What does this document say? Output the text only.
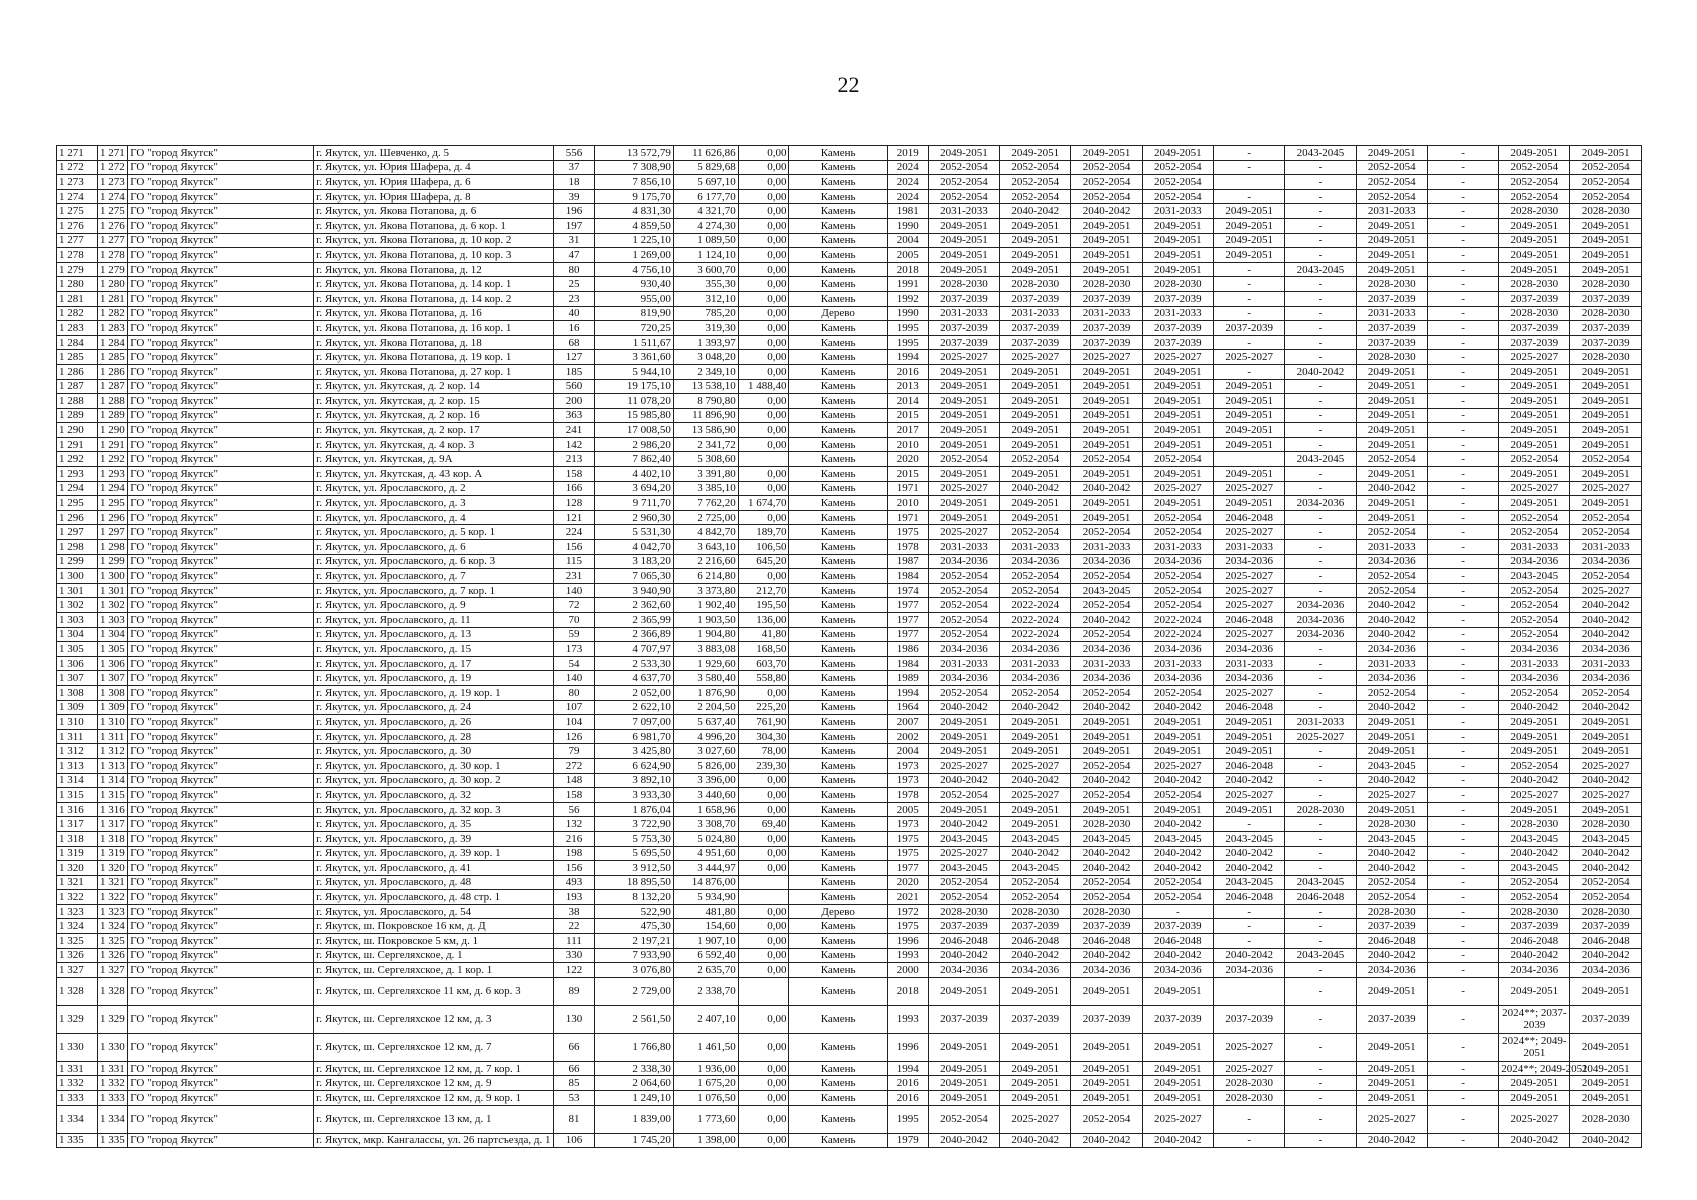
22
1 271	1 271	ГО "город Якутск"	г. Якутск, ул. Шевченко, д. 5	556	13 572,79	11 626,86	0,00	Камень	2019	2049-2051	2049-2051	2049-2051	2049-2051	-	2043-2045	2049-2051	-	2049-2051	2049-2051
1 272	1 272	ГО "город Якутск"	г. Якутск, ул. Юрия Шафера, д. 4	37	7 308,90	5 829,68	0,00	Камень	2024	2052-2054	2052-2054	2052-2054	2052-2054	-	-	2052-2054	-	2052-2054	2052-2054
1 273	1 273	ГО "город Якутск"	г. Якутск, ул. Юрия Шафера, д. 6	18	7 856,10	5 697,10	0,00	Камень	2024	2052-2054	2052-2054	2052-2054	2052-2054		-	2052-2054	-	2052-2054	2052-2054
1 274	1 274	ГО "город Якутск"	г. Якутск, ул. Юрия Шафера, д. 8	39	9 175,70	6 177,70	0,00	Камень	2024	2052-2054	2052-2054	2052-2054	2052-2054	-	-	2052-2054	-	2052-2054	2052-2054
1 275	1 275	ГО "город Якутск"	г. Якутск, ул. Якова Потапова, д. 6	196	4 831,30	4 321,70	0,00	Камень	1981	2031-2033	2040-2042	2040-2042	2031-2033	2049-2051	-	2031-2033	-	2028-2030	2028-2030
1 276	1 276	ГО "город Якутск"	г. Якутск, ул. Якова Потапова, д. 6 кор. 1	197	4 859,50	4 274,30	0,00	Камень	1990	2049-2051	2049-2051	2049-2051	2049-2051	2049-2051	-	2049-2051	-	2049-2051	2049-2051
1 277	1 277	ГО "город Якутск"	г. Якутск, ул. Якова Потапова, д. 10 кор. 2	31	1 225,10	1 089,50	0,00	Камень	2004	2049-2051	2049-2051	2049-2051	2049-2051	2049-2051	-	2049-2051	-	2049-2051	2049-2051
1 278	1 278	ГО "город Якутск"	г. Якутск, ул. Якова Потапова, д. 10 кор. 3	47	1 269,00	1 124,10	0,00	Камень	2005	2049-2051	2049-2051	2049-2051	2049-2051	2049-2051	-	2049-2051	-	2049-2051	2049-2051
1 279	1 279	ГО "город Якутск"	г. Якутск, ул. Якова Потапова, д. 12	80	4 756,10	3 600,70	0,00	Камень	2018	2049-2051	2049-2051	2049-2051	2049-2051	-	2043-2045	2049-2051	-	2049-2051	2049-2051
1 280	1 280	ГО "город Якутск"	г. Якутск, ул. Якова Потапова, д. 14 кор. 1	25	930,40	355,30	0,00	Камень	1991	2028-2030	2028-2030	2028-2030	2028-2030	-	-	2028-2030	-	2028-2030	2028-2030
1 281	1 281	ГО "город Якутск"	г. Якутск, ул. Якова Потапова, д. 14 кор. 2	23	955,00	312,10	0,00	Камень	1992	2037-2039	2037-2039	2037-2039	2037-2039	-	-	2037-2039	-	2037-2039	2037-2039
1 282	1 282	ГО "город Якутск"	г. Якутск, ул. Якова Потапова, д. 16	40	819,90	785,20	0,00	Дерево	1990	2031-2033	2031-2033	2031-2033	2031-2033	-	-	2031-2033	-	2028-2030	2028-2030
1 283	1 283	ГО "город Якутск"	г. Якутск, ул. Якова Потапова, д. 16 кор. 1	16	720,25	319,30	0,00	Камень	1995	2037-2039	2037-2039	2037-2039	2037-2039	2037-2039	-	2037-2039	-	2037-2039	2037-2039
1 284	1 284	ГО "город Якутск"	г. Якутск, ул. Якова Потапова, д. 18	68	1 511,67	1 393,97	0,00	Камень	1995	2037-2039	2037-2039	2037-2039	2037-2039	-	-	2037-2039	-	2037-2039	2037-2039
1 285	1 285	ГО "город Якутск"	г. Якутск, ул. Якова Потапова, д. 19 кор. 1	127	3 361,60	3 048,20	0,00	Камень	1994	2025-2027	2025-2027	2025-2027	2025-2027	2025-2027	-	2028-2030	-	2025-2027	2028-2030
1 286	1 286	ГО "город Якутск"	г. Якутск, ул. Якова Потапова, д. 27 кор. 1	185	5 944,10	2 349,10	0,00	Камень	2016	2049-2051	2049-2051	2049-2051	2049-2051	-	2040-2042	2049-2051	-	2049-2051	2049-2051
1 287	1 287	ГО "город Якутск"	г. Якутск, ул. Якутская, д. 2 кор. 14	560	19 175,10	13 538,10	1 488,40	Камень	2013	2049-2051	2049-2051	2049-2051	2049-2051	2049-2051	-	2049-2051	-	2049-2051	2049-2051
1 288	1 288	ГО "город Якутск"	г. Якутск, ул. Якутская, д. 2 кор. 15	200	11 078,20	8 790,80	0,00	Камень	2014	2049-2051	2049-2051	2049-2051	2049-2051	2049-2051	-	2049-2051	-	2049-2051	2049-2051
1 289	1 289	ГО "город Якутск"	г. Якутск, ул. Якутская, д. 2 кор. 16	363	15 985,80	11 896,90	0,00	Камень	2015	2049-2051	2049-2051	2049-2051	2049-2051	2049-2051	-	2049-2051	-	2049-2051	2049-2051
1 290	1 290	ГО "город Якутск"	г. Якутск, ул. Якутская, д. 2 кор. 17	241	17 008,50	13 586,90	0,00	Камень	2017	2049-2051	2049-2051	2049-2051	2049-2051	2049-2051	-	2049-2051	-	2049-2051	2049-2051
1 291	1 291	ГО "город Якутск"	г. Якутск, ул. Якутская, д. 4 кор. 3	142	2 986,20	2 341,72	0,00	Камень	2010	2049-2051	2049-2051	2049-2051	2049-2051	2049-2051	-	2049-2051	-	2049-2051	2049-2051
1 292	1 292	ГО "город Якутск"	г. Якутск, ул. Якутская, д. 9А	213	7 862,40	5 308,60		Камень	2020	2052-2054	2052-2054	2052-2054	2052-2054		2043-2045	2052-2054	-	2052-2054	2052-2054
1 293	1 293	ГО "город Якутск"	г. Якутск, ул. Якутская, д. 43 кор. А	158	4 402,10	3 391,80	0,00	Камень	2015	2049-2051	2049-2051	2049-2051	2049-2051	2049-2051	-	2049-2051	-	2049-2051	2049-2051
1 294	1 294	ГО "город Якутск"	г. Якутск, ул. Ярославского, д. 2	166	3 694,20	3 385,10	0,00	Камень	1971	2025-2027	2040-2042	2040-2042	2025-2027	2025-2027	-	2040-2042	-	2025-2027	2025-2027
1 295	1 295	ГО "город Якутск"	г. Якутск, ул. Ярославского, д. 3	128	9 711,70	7 762,20	1 674,70	Камень	2010	2049-2051	2049-2051	2049-2051	2049-2051	2049-2051	2034-2036	2049-2051	-	2049-2051	2049-2051
1 296	1 296	ГО "город Якутск"	г. Якутск, ул. Ярославского, д. 4	121	2 960,30	2 725,00	0,00	Камень	1971	2049-2051	2049-2051	2049-2051	2052-2054	2046-2048	-	2049-2051	-	2052-2054	2052-2054
1 297	1 297	ГО "город Якутск"	г. Якутск, ул. Ярославского, д. 5 кор. 1	224	5 531,30	4 842,70	189,70	Камень	1975	2025-2027	2052-2054	2052-2054	2052-2054	2025-2027	-	2052-2054	-	2052-2054	2052-2054
1 298	1 298	ГО "город Якутск"	г. Якутск, ул. Ярославского, д. 6	156	4 042,70	3 643,10	106,50	Камень	1978	2031-2033	2031-2033	2031-2033	2031-2033	2031-2033	-	2031-2033	-	2031-2033	2031-2033
1 299	1 299	ГО "город Якутск"	г. Якутск, ул. Ярославского, д. 6 кор. 3	115	3 183,20	2 216,60	645,20	Камень	1987	2034-2036	2034-2036	2034-2036	2034-2036	2034-2036	-	2034-2036	-	2034-2036	2034-2036
1 300	1 300	ГО "город Якутск"	г. Якутск, ул. Ярославского, д. 7	231	7 065,30	6 214,80	0,00	Камень	1984	2052-2054	2052-2054	2052-2054	2052-2054	2025-2027	-	2052-2054	-	2043-2045	2052-2054
1 301	1 301	ГО "город Якутск"	г. Якутск, ул. Ярославского, д. 7 кор. 1	140	3 940,90	3 373,80	212,70	Камень	1974	2052-2054	2052-2054	2043-2045	2052-2054	2025-2027	-	2052-2054	-	2052-2054	2025-2027
1 302	1 302	ГО "город Якутск"	г. Якутск, ул. Ярославского, д. 9	72	2 362,60	1 902,40	195,50	Камень	1977	2052-2054	2022-2024	2052-2054	2052-2054	2025-2027	2034-2036	2040-2042	-	2052-2054	2040-2042
1 303	1 303	ГО "город Якутск"	г. Якутск, ул. Ярославского, д. 11	70	2 365,99	1 903,50	136,00	Камень	1977	2052-2054	2022-2024	2040-2042	2022-2024	2046-2048	2034-2036	2040-2042	-	2052-2054	2040-2042
1 304	1 304	ГО "город Якутск"	г. Якутск, ул. Ярославского, д. 13	59	2 366,89	1 904,80	41,80	Камень	1977	2052-2054	2022-2024	2052-2054	2022-2024	2025-2027	2034-2036	2040-2042	-	2052-2054	2040-2042
1 305	1 305	ГО "город Якутск"	г. Якутск, ул. Ярославского, д. 15	173	4 707,97	3 883,08	168,50	Камень	1986	2034-2036	2034-2036	2034-2036	2034-2036	2034-2036	-	2034-2036	-	2034-2036	2034-2036
1 306	1 306	ГО "город Якутск"	г. Якутск, ул. Ярославского, д. 17	54	2 533,30	1 929,60	603,70	Камень	1984	2031-2033	2031-2033	2031-2033	2031-2033	2031-2033	-	2031-2033	-	2031-2033	2031-2033
1 307	1 307	ГО "город Якутск"	г. Якутск, ул. Ярославского, д. 19	140	4 637,70	3 580,40	558,80	Камень	1989	2034-2036	2034-2036	2034-2036	2034-2036	2034-2036	-	2034-2036	-	2034-2036	2034-2036
1 308	1 308	ГО "город Якутск"	г. Якутск, ул. Ярославского, д. 19 кор. 1	80	2 052,00	1 876,90	0,00	Камень	1994	2052-2054	2052-2054	2052-2054	2052-2054	2025-2027	-	2052-2054	-	2052-2054	2052-2054
1 309	1 309	ГО "город Якутск"	г. Якутск, ул. Ярославского, д. 24	107	2 622,10	2 204,50	225,20	Камень	1964	2040-2042	2040-2042	2040-2042	2040-2042	2046-2048	-	2040-2042	-	2040-2042	2040-2042
1 310	1 310	ГО "город Якутск"	г. Якутск, ул. Ярославского, д. 26	104	7 097,00	5 637,40	761,90	Камень	2007	2049-2051	2049-2051	2049-2051	2049-2051	2049-2051	2031-2033	2049-2051	-	2049-2051	2049-2051
1 311	1 311	ГО "город Якутск"	г. Якутск, ул. Ярославского, д. 28	126	6 981,70	4 996,20	304,30	Камень	2002	2049-2051	2049-2051	2049-2051	2049-2051	2049-2051	2025-2027	2049-2051	-	2049-2051	2049-2051
1 312	1 312	ГО "город Якутск"	г. Якутск, ул. Ярославского, д. 30	79	3 425,80	3 027,60	78,00	Камень	2004	2049-2051	2049-2051	2049-2051	2049-2051	2049-2051	-	2049-2051	-	2049-2051	2049-2051
1 313	1 313	ГО "город Якутск"	г. Якутск, ул. Ярославского, д. 30 кор. 1	272	6 624,90	5 826,00	239,30	Камень	1973	2025-2027	2025-2027	2052-2054	2025-2027	2046-2048	-	2043-2045	-	2052-2054	2025-2027
1 314	1 314	ГО "город Якутск"	г. Якутск, ул. Ярославского, д. 30 кор. 2	148	3 892,10	3 396,00	0,00	Камень	1973	2040-2042	2040-2042	2040-2042	2040-2042	2040-2042	-	2040-2042	-	2040-2042	2040-2042
1 315	1 315	ГО "город Якутск"	г. Якутск, ул. Ярославского, д. 32	158	3 933,30	3 440,60	0,00	Камень	1978	2052-2054	2025-2027	2052-2054	2052-2054	2025-2027	-	2025-2027	-	2025-2027	2025-2027
1 316	1 316	ГО "город Якутск"	г. Якутск, ул. Ярославского, д. 32 кор. 3	56	1 876,04	1 658,96	0,00	Камень	2005	2049-2051	2049-2051	2049-2051	2049-2051	2049-2051	2028-2030	2049-2051	-	2049-2051	2049-2051
1 317	1 317	ГО "город Якутск"	г. Якутск, ул. Ярославского, д. 35	132	3 722,90	3 308,70	69,40	Камень	1973	2040-2042	2049-2051	2028-2030	2040-2042	-	-	2028-2030	-	2028-2030	2028-2030
1 318	1 318	ГО "город Якутск"	г. Якутск, ул. Ярославского, д. 39	216	5 753,30	5 024,80	0,00	Камень	1975	2043-2045	2043-2045	2043-2045	2043-2045	2043-2045	-	2043-2045	-	2043-2045	2043-2045
1 319	1 319	ГО "город Якутск"	г. Якутск, ул. Ярославского, д. 39 кор. 1	198	5 695,50	4 951,60	0,00	Камень	1975	2025-2027	2040-2042	2040-2042	2040-2042	2040-2042	-	2040-2042	-	2040-2042	2040-2042
1 320	1 320	ГО "город Якутск"	г. Якутск, ул. Ярославского, д. 41	156	3 912,50	3 444,97	0,00	Камень	1977	2043-2045	2043-2045	2040-2042	2040-2042	2040-2042	-	2040-2042	-	2043-2045	2040-2042
1 321	1 321	ГО "город Якутск"	г. Якутск, ул. Ярославского, д. 48	493	18 895,50	14 876,00		Камень	2020	2052-2054	2052-2054	2052-2054	2052-2054	2043-2045	2043-2045	2052-2054	-	2052-2054	2052-2054
1 322	1 322	ГО "город Якутск"	г. Якутск, ул. Ярославского, д. 48 стр. 1	193	8 132,20	5 934,90		Камень	2021	2052-2054	2052-2054	2052-2054	2052-2054	2046-2048	2046-2048	2052-2054	-	2052-2054	2052-2054
1 323	1 323	ГО "город Якутск"	г. Якутск, ул. Ярославского, д. 54	38	522,90	481,80	0,00	Дерево	1972	2028-2030	2028-2030	2028-2030	-	-	-	2028-2030	-	2028-2030	2028-2030
1 324	1 324	ГО "город Якутск"	г. Якутск, ш. Покровское 16 км, д. Д	22	475,30	154,60	0,00	Камень	1975	2037-2039	2037-2039	2037-2039	2037-2039	-	-	2037-2039	-	2037-2039	2037-2039
1 325	1 325	ГО "город Якутск"	г. Якутск, ш. Покровское 5 км, д. 1	111	2 197,21	1 907,10	0,00	Камень	1996	2046-2048	2046-2048	2046-2048	2046-2048	-	-	2046-2048	-	2046-2048	2046-2048
1 326	1 326	ГО "город Якутск"	г. Якутск, ш. Сергеляхское, д. 1	330	7 933,90	6 592,40	0,00	Камень	1993	2040-2042	2040-2042	2040-2042	2040-2042	2040-2042	2043-2045	2040-2042	-	2040-2042	2040-2042
1 327	1 327	ГО "город Якутск"	г. Якутск, ш. Сергеляхское, д. 1 кор. 1	122	3 076,80	2 635,70	0,00	Камень	2000	2034-2036	2034-2036	2034-2036	2034-2036	2034-2036	-	2034-2036	-	2034-2036	2034-2036
1 328	1 328	ГО "город Якутск"	г. Якутск, ш. Сергеляхское 11 км, д. 6 кор. 3	89	2 729,00	2 338,70		Камень	2018	2049-2051	2049-2051	2049-2051	2049-2051		-	2049-2051	-	2049-2051	2049-2051
1 329	1 329	ГО "город Якутск"	г. Якутск, ш. Сергеляхское 12 км, д. 3	130	2 561,50	2 407,10	0,00	Камень	1993	2037-2039	2037-2039	2037-2039	2037-2039	2037-2039	-	2037-2039	-	2024**; 2037-2039	2037-2039
1 330	1 330	ГО "город Якутск"	г. Якутск, ш. Сергеляхское 12 км, д. 7	66	1 766,80	1 461,50	0,00	Камень	1996	2049-2051	2049-2051	2049-2051	2049-2051	2025-2027	-	2049-2051	-	2024**; 2049-2051	2049-2051
1 331	1 331	ГО "город Якутск"	г. Якутск, ш. Сергеляхское 12 км, д. 7 кор. 1	66	2 338,30	1 936,00	0,00	Камень	1994	2049-2051	2049-2051	2049-2051	2049-2051	2025-2027	-	2049-2051	-	2024**; 2049-2051	2049-2051
1 332	1 332	ГО "город Якутск"	г. Якутск, ш. Сергеляхское 12 км, д. 9	85	2 064,60	1 675,20	0,00	Камень	2016	2049-2051	2049-2051	2049-2051	2049-2051	2028-2030	-	2049-2051	-	2049-2051	2049-2051
1 333	1 333	ГО "город Якутск"	г. Якутск, ш. Сергеляхское 12 км, д. 9 кор. 1	53	1 249,10	1 076,50	0,00	Камень	2016	2049-2051	2049-2051	2049-2051	2049-2051	2028-2030	-	2049-2051	-	2049-2051	2049-2051
1 334	1 334	ГО "город Якутск"	г. Якутск, ш. Сергеляхское 13 км, д. 1	81	1 839,00	1 773,60	0,00	Камень	1995	2052-2054	2025-2027	2052-2054	2025-2027	-	-	2025-2027	-	2025-2027	2028-2030
1 335	1 335	ГО "город Якутск"	г. Якутск, мкр. Кангалассы, ул. 26 партсъезда, д. 1	106	1 745,20	1 398,00	0,00	Камень	1979	2040-2042	2040-2042	2040-2042	2040-2042	-	-	2040-2042	-	2040-2042	2040-2042
